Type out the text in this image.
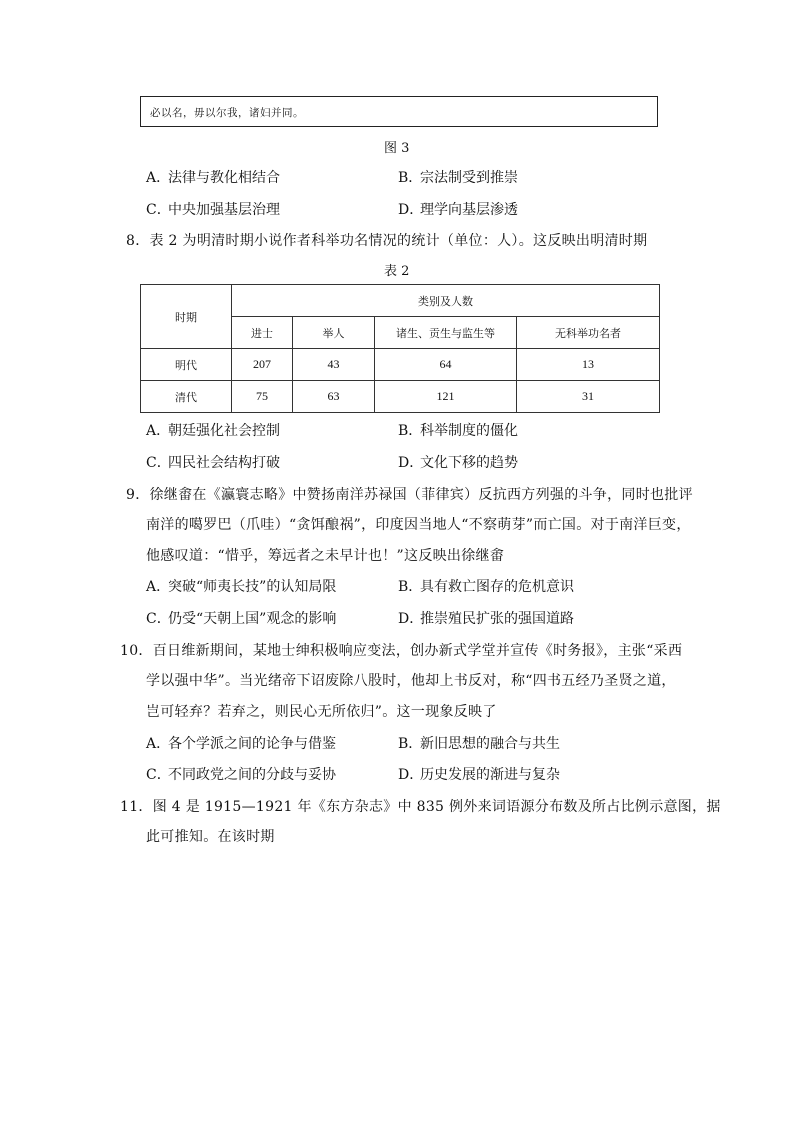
必以名，毋以尔我，诸妇并同。
图 3
A．法律与教化相结合	B．宗法制受到推崇
C．中央加强基层治理	D．理学向基层渗透
8．表 2 为明清时期小说作者科举功名情况的统计（单位：人）。这反映出明清时期
表 2
时期	类别及人数			
	进士	举人	诸生、贡生与监生等	无科举功名者
明代	207	43	64	13
清代	75	63	121	31
A．朝廷强化社会控制	B．科举制度的僵化
C．四民社会结构打破	D．文化下移的趋势
9．徐继畬在《瀛寰志略》中赞扬南洋苏禄国（菲律宾）反抗西方列强的斗争，同时也批评
南洋的噶罗巴（爪哇）“贪饵酿祸”，印度因当地人“不察萌芽”而亡国。对于南洋巨变，
他感叹道：“惜乎，筹远者之未早计也！”这反映出徐继畬
A．突破“师夷长技”的认知局限	B．具有救亡图存的危机意识
C．仍受“天朝上国”观念的影响	D．推崇殖民扩张的强国道路
10．百日维新期间，某地士绅积极响应变法，创办新式学堂并宣传《时务报》，主张“采西
学以强中华”。当光绪帝下诏废除八股时，他却上书反对，称“四书五经乃圣贤之道，
岂可轻弃？若弃之，则民心无所依归”。这一现象反映了
A．各个学派之间的论争与借鉴	B．新旧思想的融合与共生
C．不同政党之间的分歧与妥协	D．历史发展的渐进与复杂
11．图 4 是 1915—1921 年《东方杂志》中 835 例外来词语源分布数及所占比例示意图，据
此可推知。在该时期
